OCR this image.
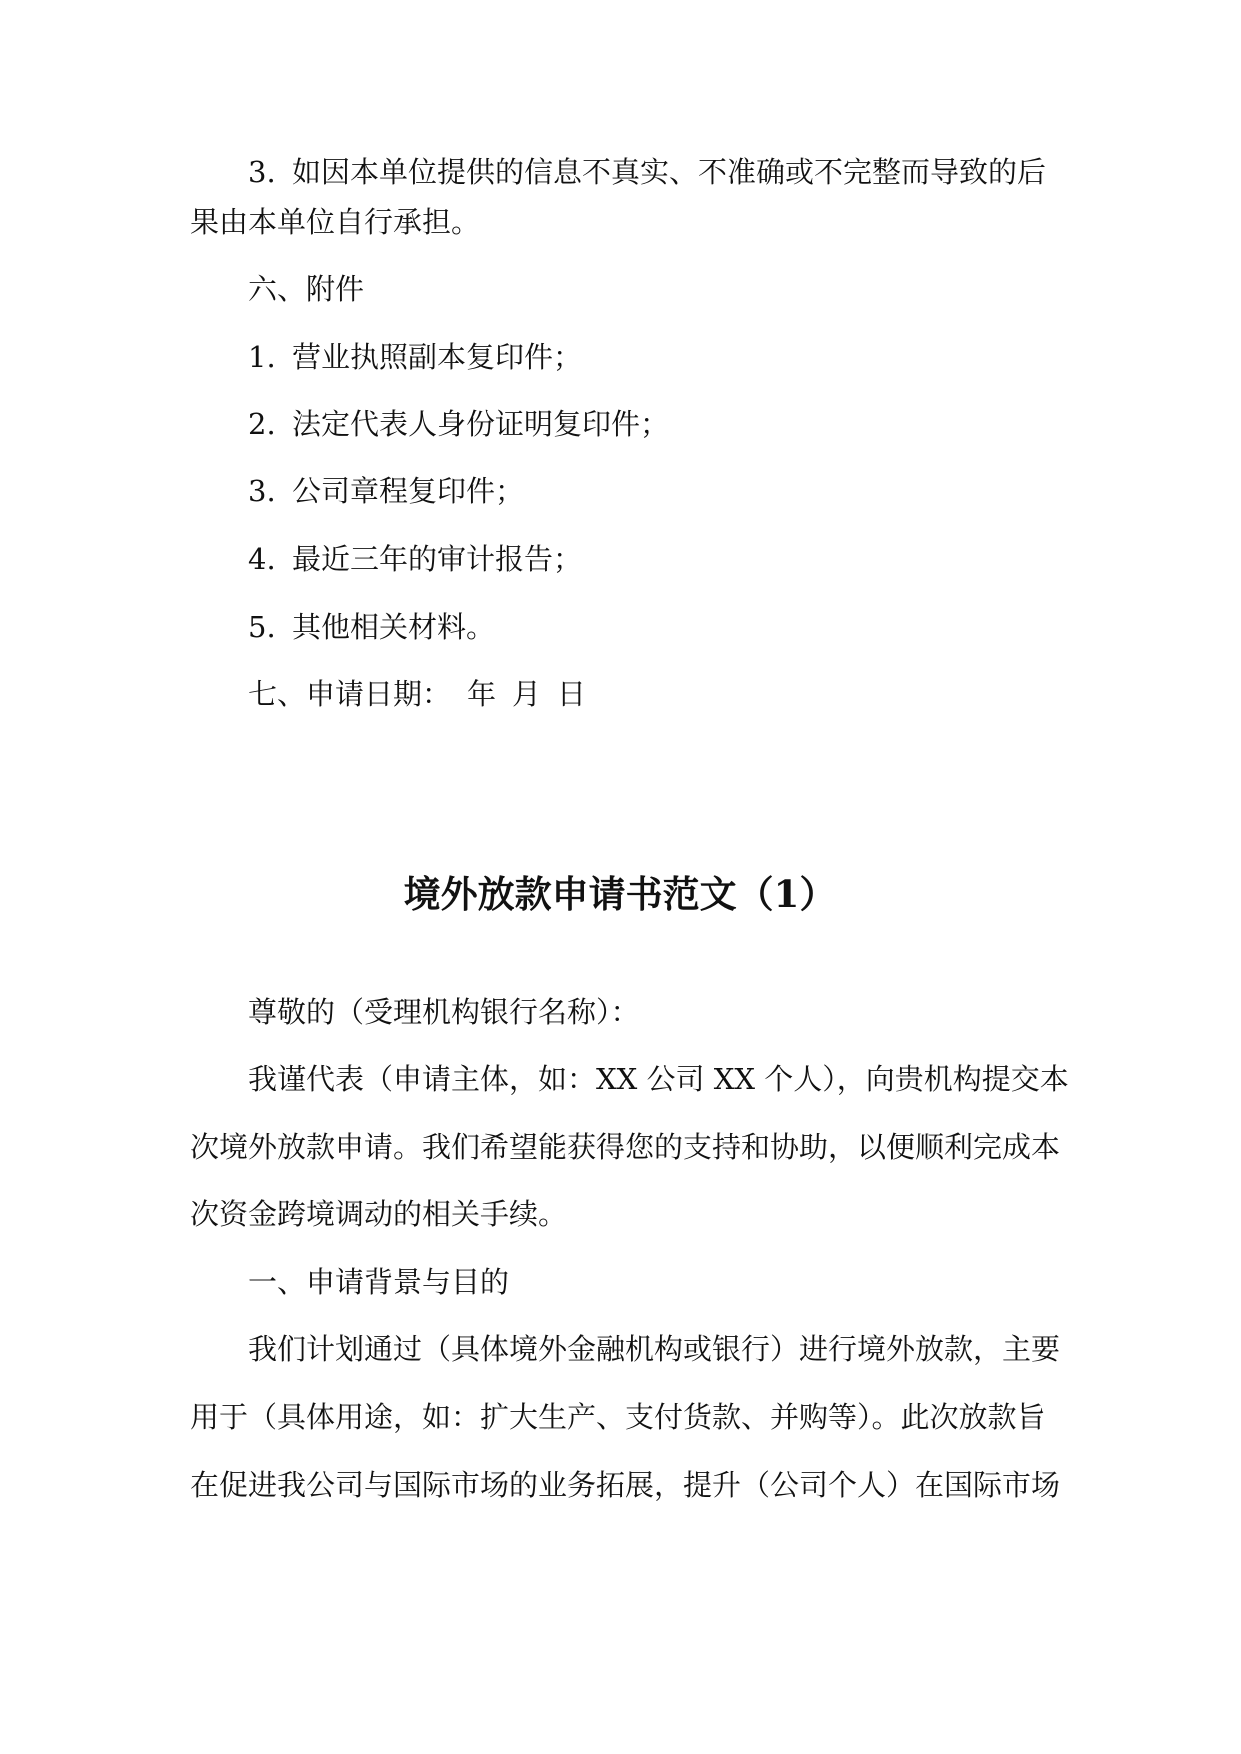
3. 如因本单位提供的信息不真实、不准确或不完整而导致的后

果由本单位自行承担。

六、附件

1. 营业执照副本复印件；

2. 法定代表人身份证明复印件；

3. 公司章程复印件；

4. 最近三年的审计报告；

5. 其他相关材料。

七、申请日期： 年 月 日

境外放款申请书范文（1）

尊敬的（受理机构银行名称）：

我谨代表（申请主体，如：XX 公司 XX 个人），向贵机构提交本

次境外放款申请。我们希望能获得您的支持和协助，以便顺利完成本

次资金跨境调动的相关手续。

一、申请背景与目的

我们计划通过（具体境外金融机构或银行）进行境外放款，主要

用于（具体用途，如：扩大生产、支付货款、并购等）。此次放款旨

在促进我公司与国际市场的业务拓展，提升（公司个人）在国际市场
